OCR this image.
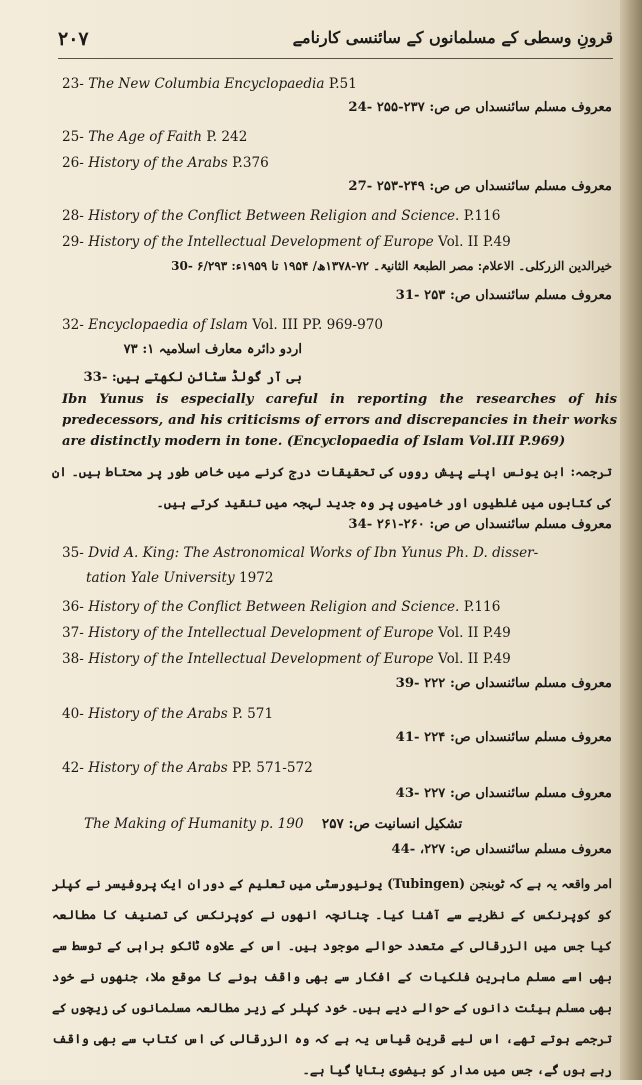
۲۰۷	قرونِ وسطی کے مسلمانوں کے سائنسی کارنامے
23- The New Columbia Encyclopaedia P.51
معروف مسلم سائنسداں ص ص: ۲۳۷-۲۵۵ -24
25- The Age of Faith P. 242
26- History of the Arabs P.376
معروف مسلم سائنسداں ص ص: ۲۴۹-۲۵۳ -27
28- History of the Conflict Between Religion and Science. P.116
29- History of the Intellectual Development of Europe Vol. II P.49
خیرالدین الزرکلی۔ الاعلام: مصر الطبعۃ الثانیۃ۔ ۷۲-۱۳۷۸ھ/ ۱۹۵۴ تا ۱۹۵۹ء: ۶/۲۹۳ -30
معروف مسلم سائنسداں ص: ۲۵۳ -31
32- Encyclopaedia of Islam Vol. III PP. 969-970
اردو دائرہ معارف اسلامیہ ۱: ۷۳
بی آر گولڈ سٹائن لکھتے ہیں: -33
Ibn Yunus is especially careful in reporting the researches of his predecessors, and his criticisms of errors and discrepancies in their works are distinctly modern in tone. (Encyclopaedia of Islam Vol.III P.969)
ترجمہ: ابن یونس اپنے پیش رووں کی تحقیقات درج کرنے میں خاص طور پر محتاط ہیں۔ ان کی کتابوں میں غلطیوں اور خامیوں پر وہ جدید لہجہ میں تنقید کرتے ہیں۔
معروف مسلم سائنسداں ص ص: ۲۶۰-۲۶۱ -34
35- Dvid A. King: The Astronomical Works of Ibn Yunus Ph. D. disser-
tation Yale University 1972
36- History of the Conflict Between Religion and Science. P.116
37- History of the Intellectual Development of Europe Vol. II P.49
38- History of the Intellectual Development of Europe Vol. II P.49
معروف مسلم سائنسداں ص: ۲۲۲ -39
40- History of the Arabs P. 571
معروف مسلم سائنسداں ص: ۲۲۴ -41
42- History of the Arabs PP. 571-572
معروف مسلم سائنسداں ص: ۲۲۷ -43
The Making of Humanity p. 190 تشکیل انسانیت ص: ۲۵۷
معروف مسلم سائنسداں ص: ۲۲۷، -44
امر واقعہ یہ ہے کہ ٹوبنجن (Tubingen) یونیورسٹی میں تعلیم کے دوران ایک پروفیسر نے کپلر کو کوپرنکس کے نظریے سے آشنا کیا۔ چنانچہ انھوں نے کوپرنکس کی تصنیف کا مطالعہ کیا جس میں الزرقالی کے متعدد حوالے موجود ہیں۔ اس کے علاوہ ٹائکو براہی کے توسط سے بھی اسے مسلم ماہرین فلکیات کے افکار سے بھی واقف ہونے کا موقع ملا، جنھوں نے خود بھی مسلم ہیئت دانوں کے حوالے دیے ہیں۔ خود کپلر کے زیر مطالعہ مسلمانوں کی زیچوں کے ترجمے ہوتے تھے، اس لیے قرین قیاس یہ ہے کہ وہ الزرقالی کی اس کتاب سے بھی واقف رہے ہوں گے، جس میں مدار کو بیضوی بتایا گیا ہے۔
